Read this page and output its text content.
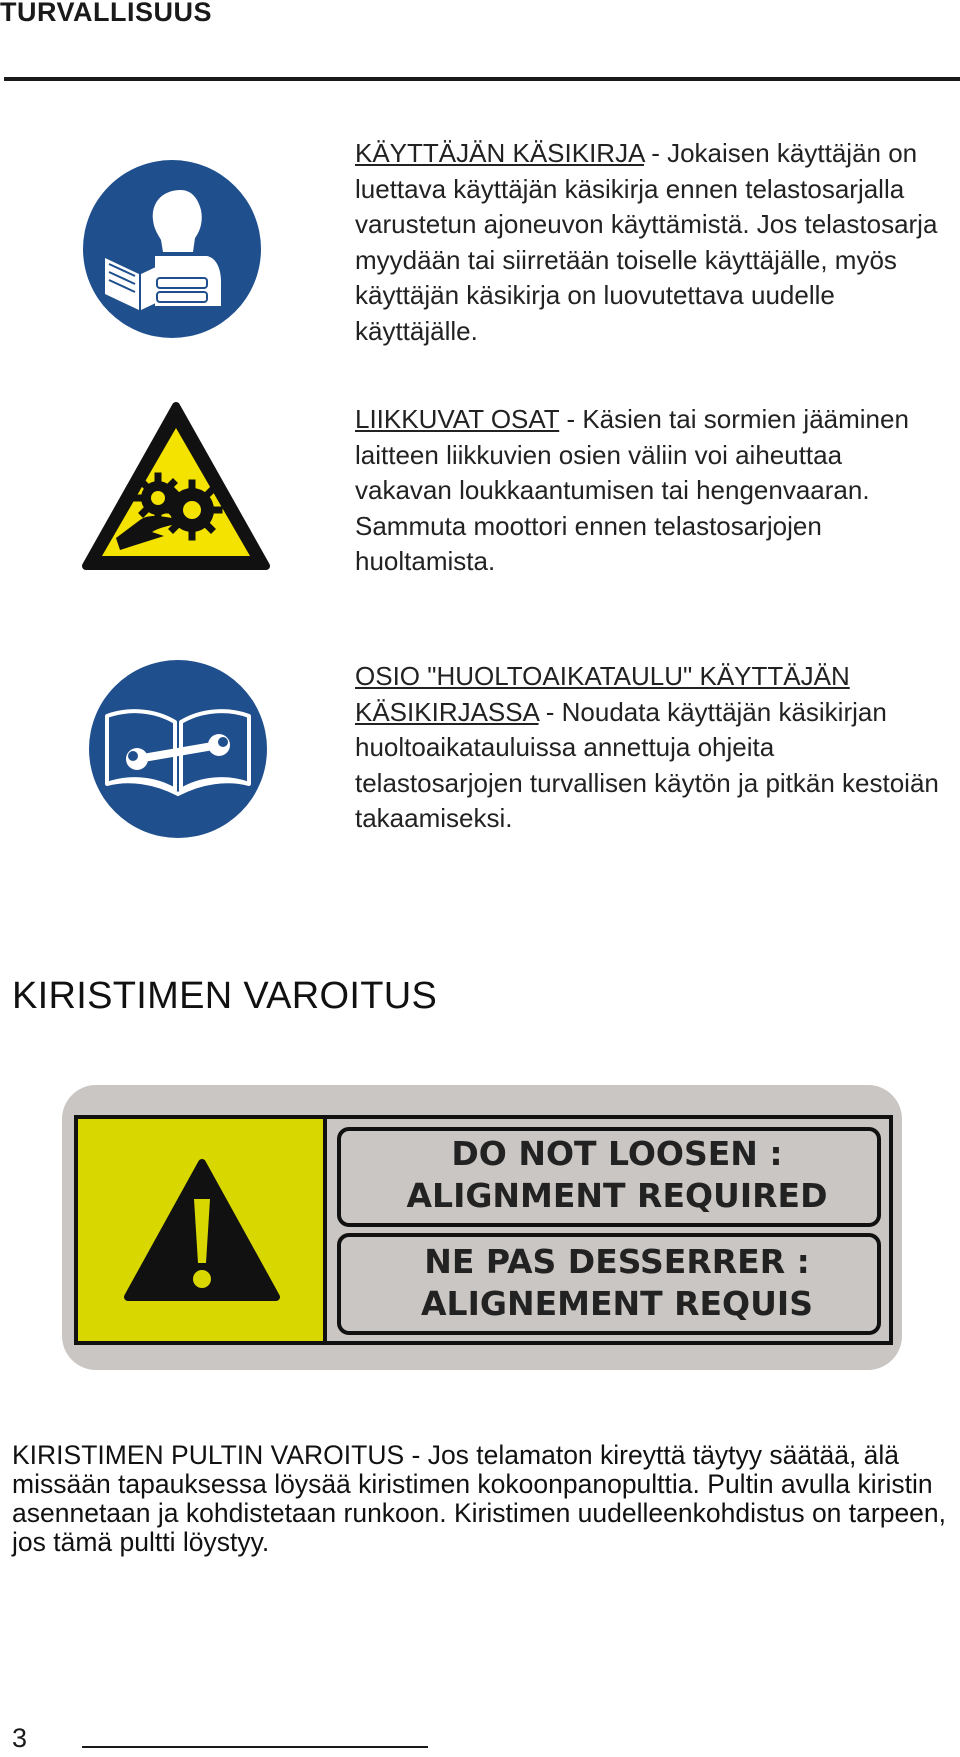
TURVALLISUUS
KÄYTTÄJÄN KÄSIKIRJA - Jokaisen käyttäjän on luettava käyttäjän käsikirja ennen telastosarjalla varustetun ajoneuvon käyttämistä. Jos telastosarja myydään tai siirretään toiselle käyttäjälle, myös käyttäjän käsikirja on luovutettava uudelle käyttäjälle.
LIIKKUVAT OSAT - Käsien tai sormien jääminen laitteen liikkuvien osien väliin voi aiheuttaa vakavan loukkaantumisen tai hengenvaaran. Sammuta moottori ennen telastosarjojen huoltamista.
OSIO "HUOLTOAIKATAULU" KÄYTTÄJÄN KÄSIKIRJASSA - Noudata käyttäjän käsikirjan huoltoaikatauluissa annettuja ohjeita telastosarjojen turvallisen käytön ja pitkän kestoiän takaamiseksi.
KIRISTIMEN VAROITUS
DO NOT LOOSEN :
ALIGNMENT REQUIRED
NE PAS DESSERRER :
ALIGNEMENT REQUIS
KIRISTIMEN PULTIN VAROITUS - Jos telamaton kireyttä täytyy säätää, älä missään tapauksessa löysää kiristimen kokoonpanopulttia. Pultin avulla kiristin asennetaan ja kohdistetaan runkoon. Kiristimen uudelleenkohdistus on tarpeen, jos tämä pultti löystyy.
3
